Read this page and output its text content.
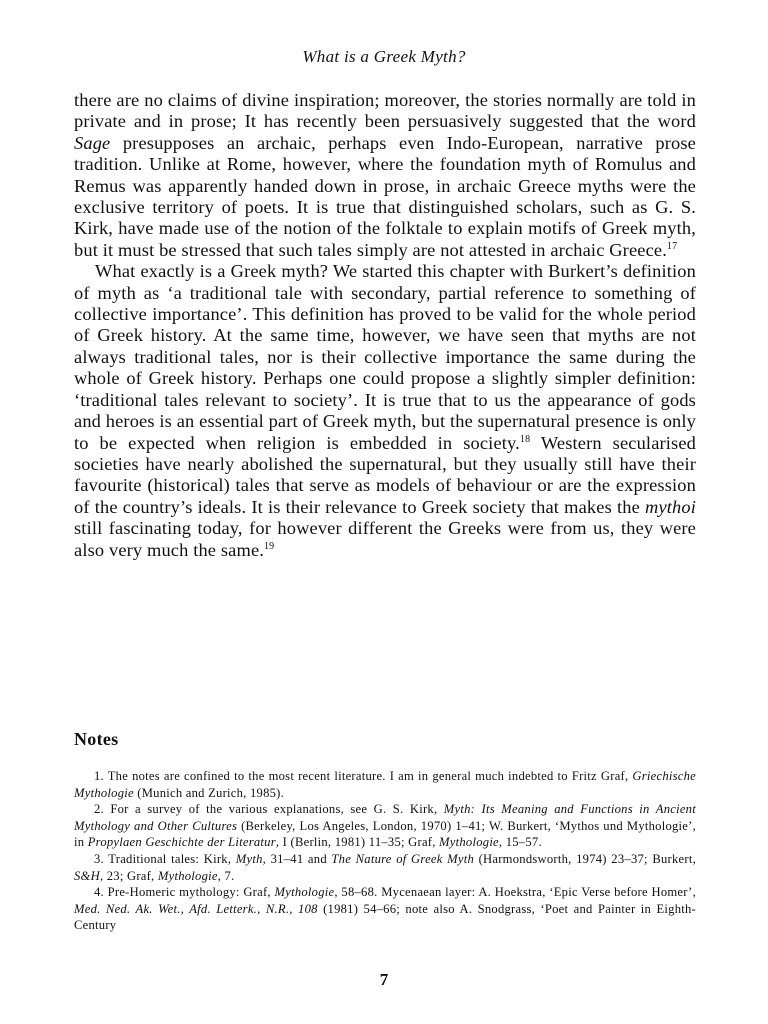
What is a Greek Myth?

there are no claims of divine inspiration; moreover, the stories normally are told in private and in prose; It has recently been persuasively suggested that the word Sage presupposes an archaic, perhaps even Indo-European, narrative prose tradition. Unlike at Rome, however, where the foundation myth of Romulus and Remus was apparently handed down in prose, in archaic Greece myths were the exclusive territory of poets. It is true that distinguished scholars, such as G. S. Kirk, have made use of the notion of the folktale to explain motifs of Greek myth, but it must be stressed that such tales simply are not attested in archaic Greece.$^{17}$

What exactly is a Greek myth? We started this chapter with Burkert’s definition of myth as ‘a traditional tale with secondary, partial reference to something of collective importance’. This definition has proved to be valid for the whole period of Greek history. At the same time, however, we have seen that myths are not always traditional tales, nor is their collective importance the same during the whole of Greek history. Perhaps one could propose a slightly simpler definition: ‘traditional tales relevant to society’. It is true that to us the appearance of gods and heroes is an essential part of Greek myth, but the supernatural presence is only to be expected when religion is embedded in society.$^{18}$ Western secularised societies have nearly abolished the supernatural, but they usually still have their favourite (historical) tales that serve as models of behaviour or are the expression of the country’s ideals. It is their relevance to Greek society that makes the mythoi still fascinating today, for however different the Greeks were from us, they were also very much the same.$^{19}$

Notes

1. The notes are confined to the most recent literature. I am in general much indebted to Fritz Graf, Griechische Mythologie (Munich and Zurich, 1985).

2. For a survey of the various explanations, see G. S. Kirk, Myth: Its Meaning and Functions in Ancient Mythology and Other Cultures (Berkeley, Los Angeles, London, 1970) 1–41; W. Burkert, ‘Mythos und Mythologie’, in Propylaen Geschichte der Literatur, I (Berlin, 1981) 11–35; Graf, Mythologie, 15–57.

3. Traditional tales: Kirk, Myth, 31–41 and The Nature of Greek Myth (Harmondsworth, 1974) 23–37; Burkert, S&H, 23; Graf, Mythologie, 7.

4. Pre-Homeric mythology: Graf, Mythologie, 58–68. Mycenaean layer: A. Hoekstra, ‘Epic Verse before Homer’, Med. Ned. Ak. Wet., Afd. Letterk., N.R., 108 (1981) 54–66; note also A. Snodgrass, ‘Poet and Painter in Eighth-Century

7
